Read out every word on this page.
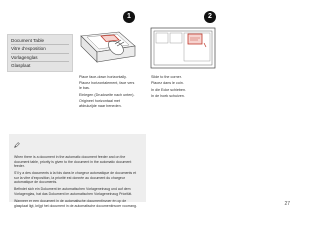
Document Table
Vitre d'exposition
Vorlagenglas
Glasplaat
1
Place face-down horizontally.
Placez horizontalement, face vers
le bas.
Einlegen (Druckseite nach unten).
Origineel horizontaal met
afdrukzijde naar beneden.
2
Slide to the corner.
Placez dans le coin.
In die Ecke schieben.
In de hoek schuiven.

When there is a document in the automatic document feeder and on the document table, priority is given to the document in the automatic document feeder.

S'il y a des documents à la fois dans le chargeur automatique de documents et sur la vitre d'exposition, la priorité est donnée au document du chargeur automatique de documents.

Befindet sich ein Dokument im automatischen Vorlageneinzug und auf dem Vorlagenglas, hat das Dokument im automatischen Vorlageneinzug Priorität.

Wanneer er een document in de automatische documentinvoer én op de glasplaat ligt, krijgt het document in de automatische documentinvoer voorrang.	27
